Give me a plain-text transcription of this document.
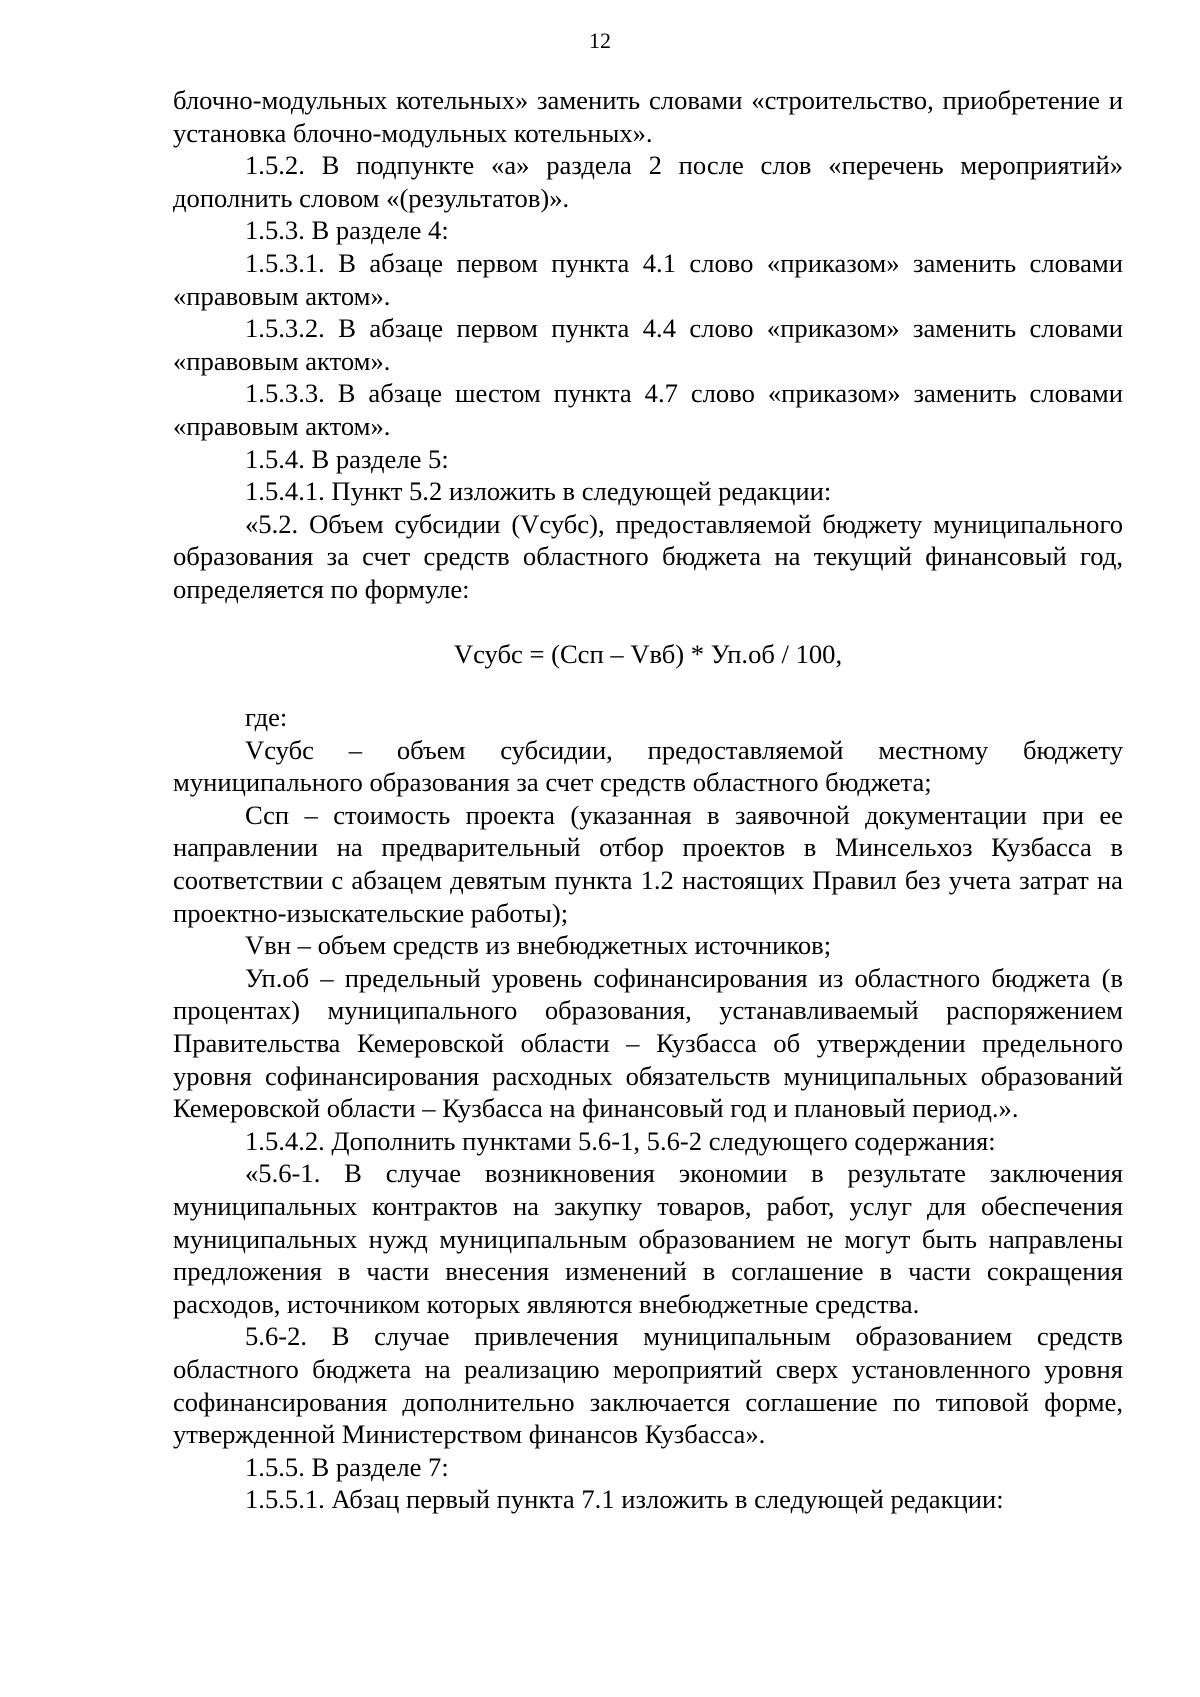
12

блочно-модульных котельных» заменить словами «строительство, приобретение и установка блочно-модульных котельных».

1.5.2. В подпункте «а» раздела 2 после слов «перечень мероприятий» дополнить словом «(результатов)».

1.5.3. В разделе 4:

1.5.3.1. В абзаце первом пункта 4.1 слово «приказом» заменить словами «правовым актом».

1.5.3.2. В абзаце первом пункта 4.4 слово «приказом» заменить словами «правовым актом».

1.5.3.3. В абзаце шестом пункта 4.7 слово «приказом» заменить словами «правовым актом».

1.5.4. В разделе 5:

1.5.4.1. Пункт 5.2 изложить в следующей редакции:

«5.2. Объем субсидии (Vсубс), предоставляемой бюджету муниципального образования за счет средств областного бюджета на текущий финансовый год, определяется по формуле:

Vсубс = (Сcп – Vвб) * Уп.об / 100,

где:

Vсубс – объем субсидии, предоставляемой местному бюджету муниципального образования за счет средств областного бюджета;

Ссп – стоимость проекта (указанная в заявочной документации при ее направлении на предварительный отбор проектов в Минсельхоз Кузбасса в соответствии с абзацем девятым пункта 1.2 настоящих Правил без учета затрат на проектно-изыскательские работы);

Vвн – объем средств из внебюджетных источников;

Уп.об – предельный уровень софинансирования из областного бюджета (в процентах) муниципального образования, устанавливаемый распоряжением Правительства Кемеровской области – Кузбасса об утверждении предельного уровня софинансирования расходных обязательств муниципальных образований Кемеровской области – Кузбасса на финансовый год и плановый период.».

1.5.4.2. Дополнить пунктами 5.6-1, 5.6-2 следующего содержания:

«5.6-1. В случае возникновения экономии в результате заключения муниципальных контрактов на закупку товаров, работ, услуг для обеспечения муниципальных нужд муниципальным образованием не могут быть направлены предложения в части внесения изменений в соглашение в части сокращения расходов, источником которых являются внебюджетные средства.

5.6-2. В случае привлечения муниципальным образованием средств областного бюджета на реализацию мероприятий сверх установленного уровня софинансирования дополнительно заключается соглашение по типовой форме, утвержденной Министерством финансов Кузбасса».

1.5.5. В разделе 7:

1.5.5.1. Абзац первый пункта 7.1 изложить в следующей редакции:
